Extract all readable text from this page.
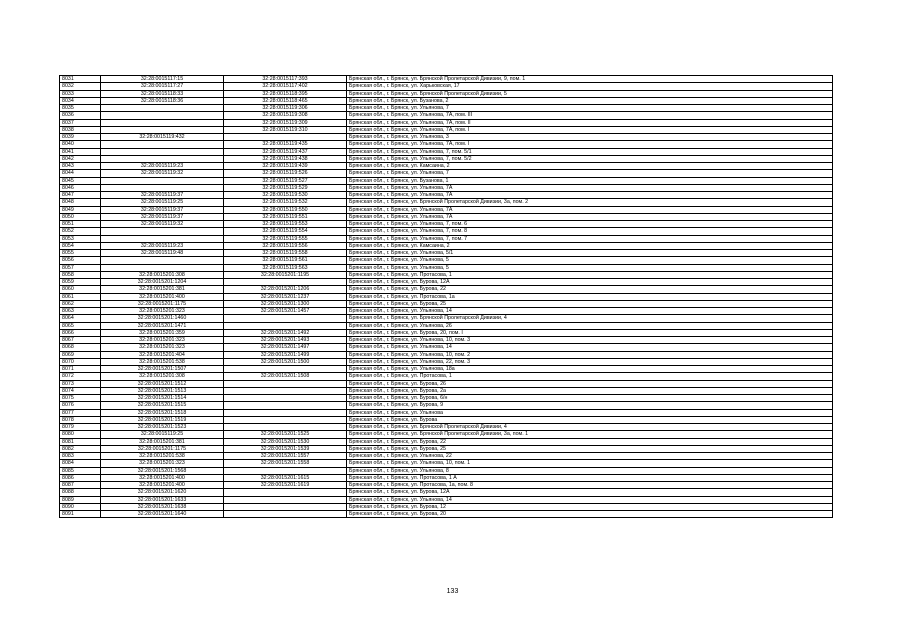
8031	32:28:0015117:15	32:28:0015117:393	Брянская обл., г. Брянск, ул. Брянской Пролетарской Дивизии, 9, пом. 1
8032	32:28:0015117:27	32:28:0015117:402	Брянская обл., г. Брянск, ул. Харьковская, 17
8033	32:28:0015118:33	32:28:0015118:395	Брянская обл., г. Брянск, ул. Брянской Пролетарской Дивизии, 5
8034	32:28:0015118:36	32:28:0015118:465	Брянская обл., г. Брянск, ул. Бузанова, 2
8035		32:28:0015119:306	Брянская обл., г. Брянск, ул. Ульянова, 7
8036		32:28:0015119:308	Брянская обл., г. Брянск, ул. Ульянова, 7А, пом. III
8037		32:28:0015119:309	Брянская обл., г. Брянск, ул. Ульянова, 7А, пом. II
8038		32:28:0015119:310	Брянская обл., г. Брянск, ул. Ульянова, 7А, пом. I
8039	32:28:0015119:432		Брянская обл., г. Брянск, ул. Ульянова, 3
8040		32:28:0015119:435	Брянская обл., г. Брянск, ул. Ульянова, 7А, пом. I
8041		32:28:0015119:437	Брянская обл., г. Брянск, ул. Ульянова, 7, пом. 5/1
8042		32:28:0015119:438	Брянская обл., г. Брянск, ул. Ульянова, 7, пом. 5/2
8043	32:28:0015119:23	32:28:0015119:439	Брянская обл., г. Брянск, ул. Камсаина, 2
8044	32:28:0015119:32	32:28:0015119:526	Брянская обл., г. Брянск, ул. Ульянова, 7
8045		32:28:0015119:527	Брянская обл., г. Брянск, ул. Бузанова, 1
8046		32:28:0015119:529	Брянская обл., г. Брянск, ул. Ульянова, 7А
8047	32:28:0015119:37	32:28:0015119:530	Брянская обл., г. Брянск, ул. Ульянова, 7А
8048	32:28:0015119:25	32:28:0015119:532	Брянская обл., г. Брянск, ул. Брянской Пролетарской Дивизии, 3а, пом. 2
8049	32:28:0015119:37	32:28:0015119:550	Брянская обл., г. Брянск, ул. Ульянова, 7А
8050	32:28:0015119:37	32:28:0015119:551	Брянская обл., г. Брянск, ул. Ульянова, 7А
8051	32:28:0015119:32	32:28:0015119:553	Брянская обл., г. Брянск, ул. Ульянова, 7, пом. 6
8052		32:28:0015119:554	Брянская обл., г. Брянск, ул. Ульянова, 7, пом. 8
8053		32:28:0015119:555	Брянская обл., г. Брянск, ул. Ульянова, 7, пом. 7
8054	32:28:0015119:23	32:28:0015119:556	Брянская обл., г. Брянск, ул. Камсаина, 2
8055	32:28:0015119:48	32:28:0015119:558	Брянская обл., г. Брянск, ул. Ульянова, 5/1
8056		32:28:0015119:561	Брянская обл., г. Брянск, ул. Ульянова, 5
8057		32:28:0015119:563	Брянская обл., г. Брянск, ул. Ульянова, 5
8058	32:28:0015201:308	32:28:0015201:1195	Брянская обл., г. Брянск, ул. Протасова, 1
8059	32:28:0015201:1204		Брянская обл., г. Брянск, ул. Бурова, 12А
8060	32:28:0015201:381	32:28:0015201:1206	Брянская обл., г. Брянск, ул. Бурова, 22
8061	32:28:0015201:400	32:28:0015201:1237	Брянская обл., г. Брянск, ул. Протасова, 1а
8062	32:28:0015201:1175	32:28:0015201:1300	Брянская обл., г. Брянск, ул. Бурова, 25
8063	32:28:0015201:323	32:28:0015201:1457	Брянская обл., г. Брянск, ул. Ульянова, 14
8064	32:28:0015201:1460		Брянская обл., г. Брянск, ул. Брянской Пролетарской Дивизии, 4
8065	32:28:0015201:1471		Брянская обл., г. Брянск, ул. Ульянова, 26
8066	32:28:0015201:359	32:28:0015201:1492	Брянская обл., г. Брянск, ул. Бурова, 20, пом. I
8067	32:28:0015201:323	32:28:0015201:1493	Брянская обл., г. Брянск, ул. Ульянова, 10, пом. 3
8068	32:28:0015201:323	32:28:0015201:1497	Брянская обл., г. Брянск, ул. Ульянова, 14
8069	32:28:0015201:404	32:28:0015201:1499	Брянская обл., г. Брянск, ул. Ульянова, 10, пом. 2
8070	32:28:0015201:538	32:28:0015201:1500	Брянская обл., г. Брянск, ул. Ульянова, 22, пом. 3
8071	32:28:0015201:1507		Брянская обл., г. Брянск, ул. Ульянова, 18а
8072	32:28:0015201:308	32:28:0015201:1508	Брянская обл., г. Брянск, ул. Протасова, 1
8073	32:28:0015201:1512		Брянская обл., г. Брянск, ул. Бурова, 26
8074	32:28:0015201:1513		Брянская обл., г. Брянск, ул. Бурова, 2а
8075	32:28:0015201:1514		Брянская обл., г. Брянск, ул. Бурова, 6/н
8076	32:28:0015201:1515		Брянская обл., г. Брянск, ул. Бурова, 9
8077	32:28:0015201:1518		Брянская обл., г. Брянск, ул. Ульянова
8078	32:28:0015201:1519		Брянская обл., г. Брянск, ул. Бурова
8079	32:28:0015201:1523		Брянская обл., г. Брянск, ул. Брянской Пролетарской Дивизии, 4
8080	32:28:0015119:25	32:28:0015201:1525	Брянская обл., г. Брянск, ул. Брянской Пролетарской Дивизии, 3а, пом. 1
8081	32:28:0015201:381	32:28:0015201:1530	Брянская обл., г. Брянск, ул. Бурова, 22
8082	32:28:0015201:1175	32:28:0015201:1539	Брянская обл., г. Брянск, ул. Бурова, 25
8083	32:28:0015201:538	32:28:0015201:1557	Брянская обл., г. Брянск, ул. Ульянова, 22
8084	32:28:0015201:323	32:28:0015201:1558	Брянская обл., г. Брянск, ул. Ульянова, 10, пом. 1
8085	32:28:0015201:1568		Брянская обл., г. Брянск, ул. Ульянова, 8
8086	32:28:0015201:400	32:28:0015201:1615	Брянская обл., г. Брянск, ул. Протасова, 1 А
8087	32:28:0015201:400	32:28:0015201:1619	Брянская обл., г. Брянск, ул. Протасова, 1а, пом. 8
8088	32:28:0015201:1620		Брянская обл., г. Брянск, ул. Бурова, 12А
8089	32:28:0015201:1633		Брянская обл., г. Брянск, ул. Ульянова, 14
8090	32:28:0015201:1638		Брянская обл., г. Брянск, ул. Бурова, 12
8091	32:28:0015201:1640		Брянская обл., г. Брянск, ул. Бурова, 20
133
